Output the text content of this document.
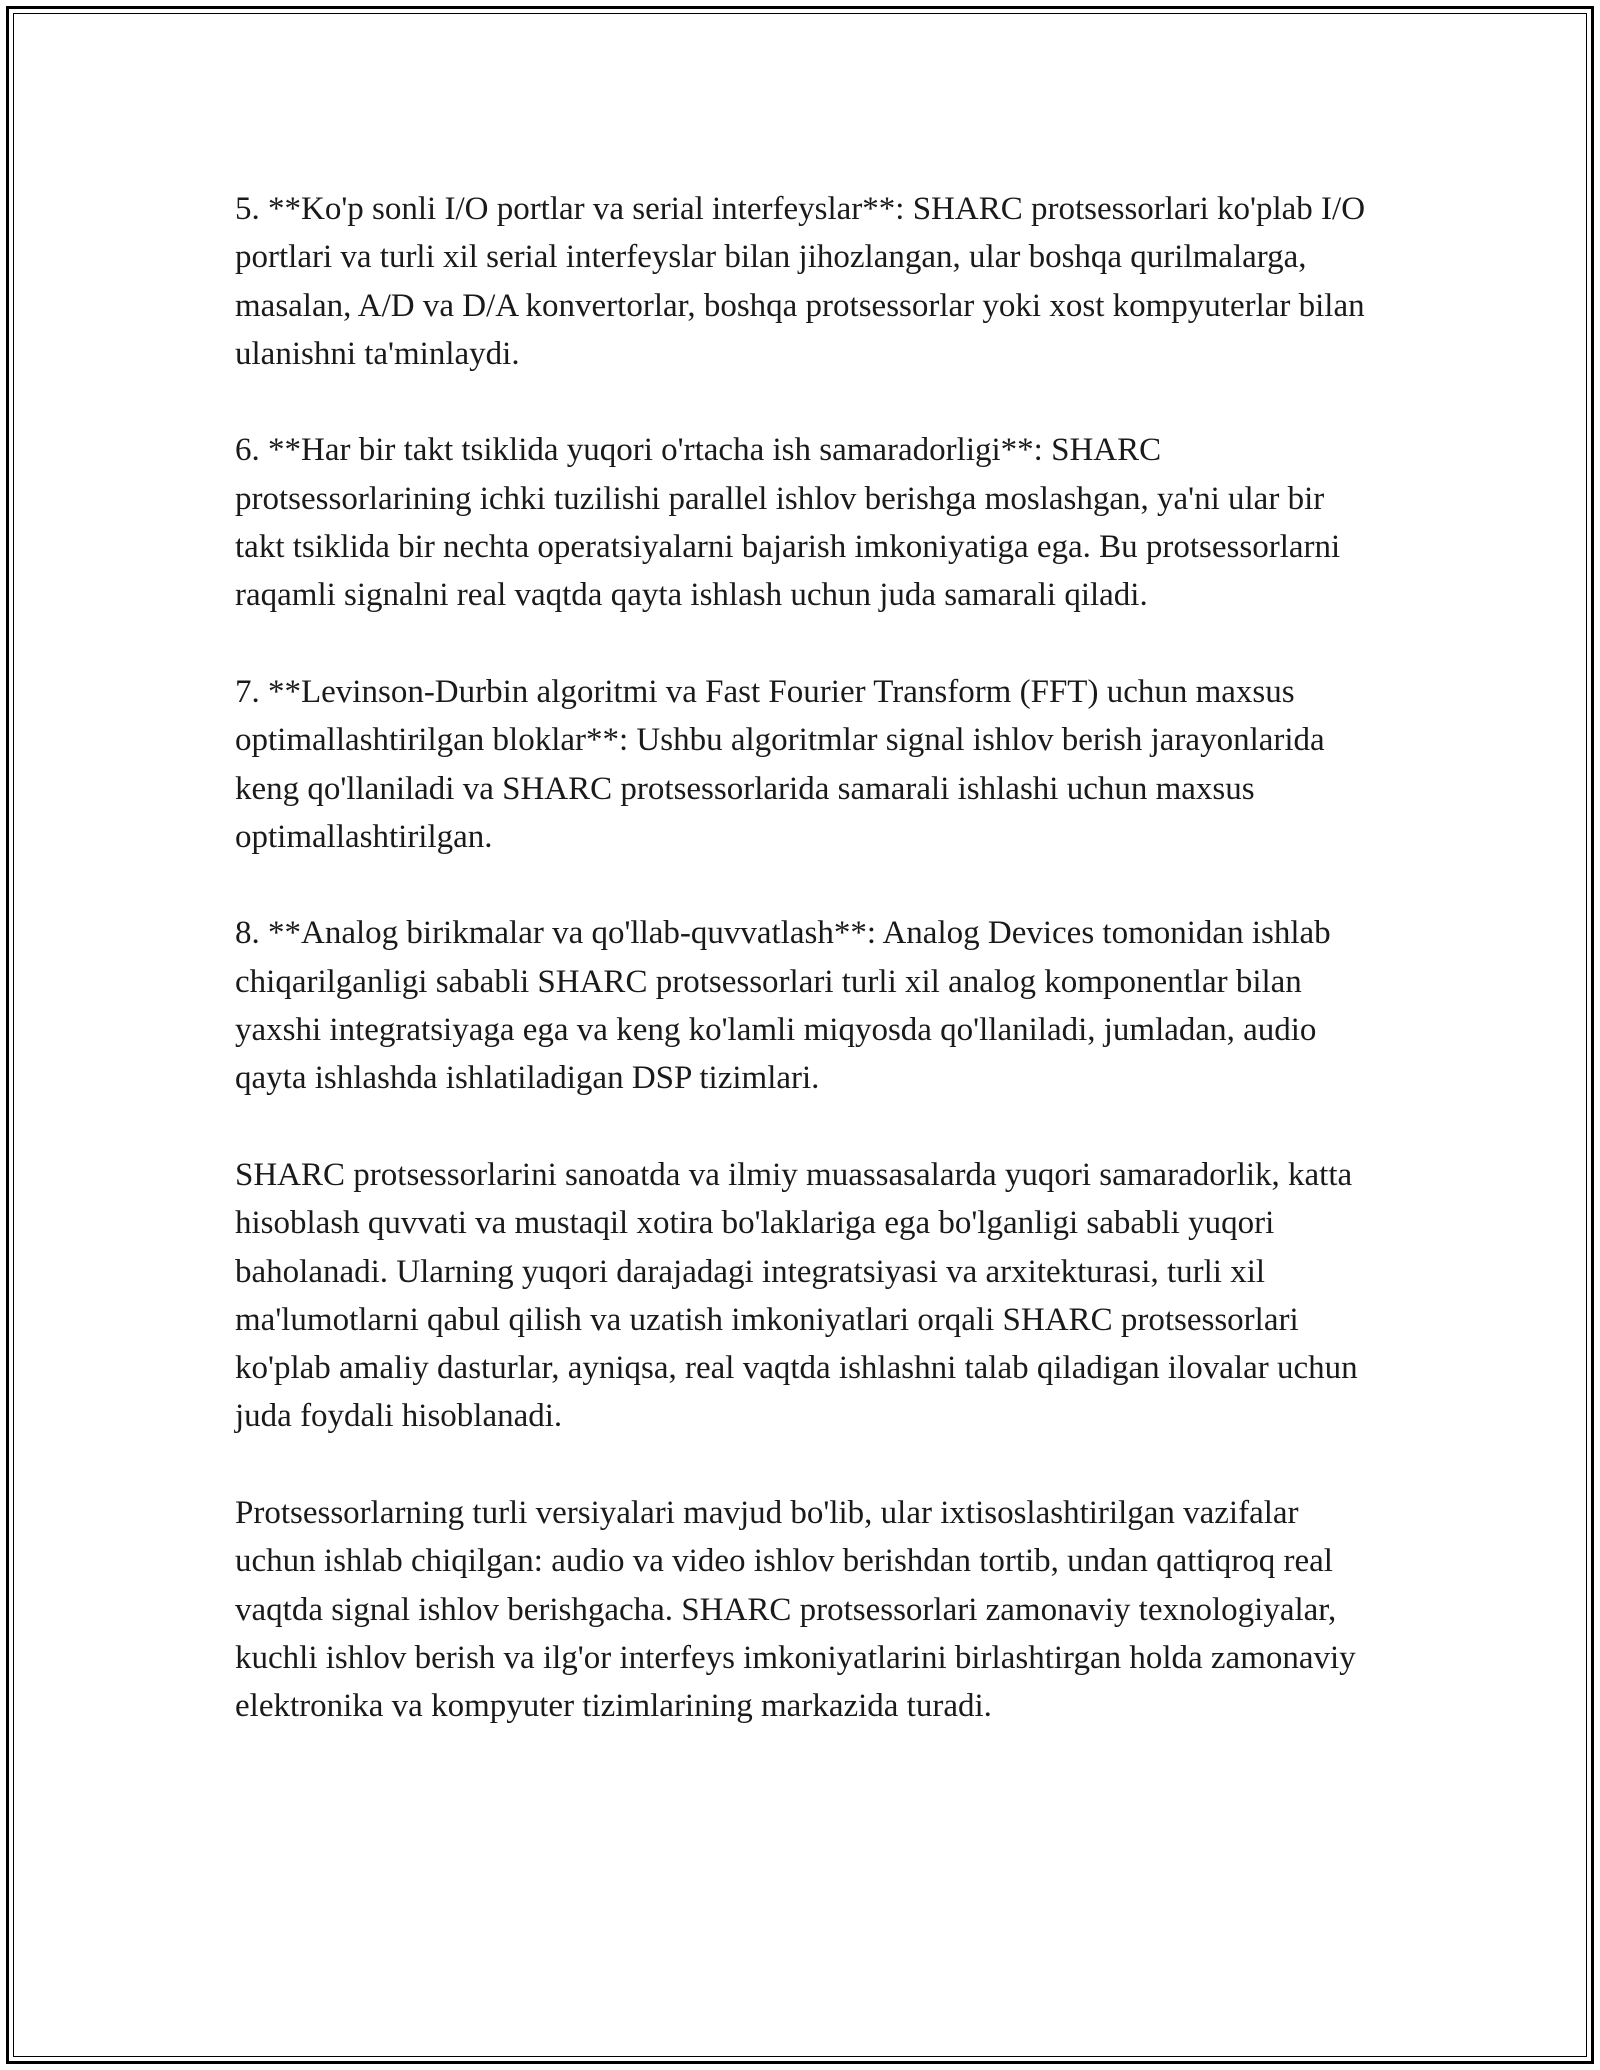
5. **Ko'p sonli I/O portlar va serial interfeyslar**: SHARC protsessorlari ko'plab I/O portlari va turli xil serial interfeyslar bilan jihozlangan, ular boshqa qurilmalarga, masalan, A/D va D/A konvertorlar, boshqa protsessorlar yoki xost kompyuterlar bilan ulanishni ta'minlaydi.

6. **Har bir takt tsiklida yuqori o'rtacha ish samaradorligi**: SHARC protsessorlarining ichki tuzilishi parallel ishlov berishga moslashgan, ya'ni ular bir takt tsiklida bir nechta operatsiyalarni bajarish imkoniyatiga ega. Bu protsessorlarni raqamli signalni real vaqtda qayta ishlash uchun juda samarali qiladi.

7. **Levinson-Durbin algoritmi va Fast Fourier Transform (FFT) uchun maxsus optimallashtirilgan bloklar**: Ushbu algoritmlar signal ishlov berish jarayonlarida keng qo'llaniladi va SHARC protsessorlarida samarali ishlashi uchun maxsus optimallashtirilgan.

8. **Analog birikmalar va qo'llab-quvvatlash**: Analog Devices tomonidan ishlab chiqarilganligi sababli SHARC protsessorlari turli xil analog komponentlar bilan yaxshi integratsiyaga ega va keng ko'lamli miqyosda qo'llaniladi, jumladan, audio qayta ishlashda ishlatiladigan DSP tizimlari.

SHARC protsessorlarini sanoatda va ilmiy muassasalarda yuqori samaradorlik, katta hisoblash quvvati va mustaqil xotira bo'laklariga ega bo'lganligi sababli yuqori baholanadi. Ularning yuqori darajadagi integratsiyasi va arxitekturasi, turli xil ma'lumotlarni qabul qilish va uzatish imkoniyatlari orqali SHARC protsessorlari ko'plab amaliy dasturlar, ayniqsa, real vaqtda ishlashni talab qiladigan ilovalar uchun juda foydali hisoblanadi.

Protsessorlarning turli versiyalari mavjud bo'lib, ular ixtisoslashtirilgan vazifalar uchun ishlab chiqilgan: audio va video ishlov berishdan tortib, undan qattiqroq real vaqtda signal ishlov berishgacha. SHARC protsessorlari zamonaviy texnologiyalar, kuchli ishlov berish va ilg'or interfeys imkoniyatlarini birlashtirgan holda zamonaviy elektronika va kompyuter tizimlarining markazida turadi.
